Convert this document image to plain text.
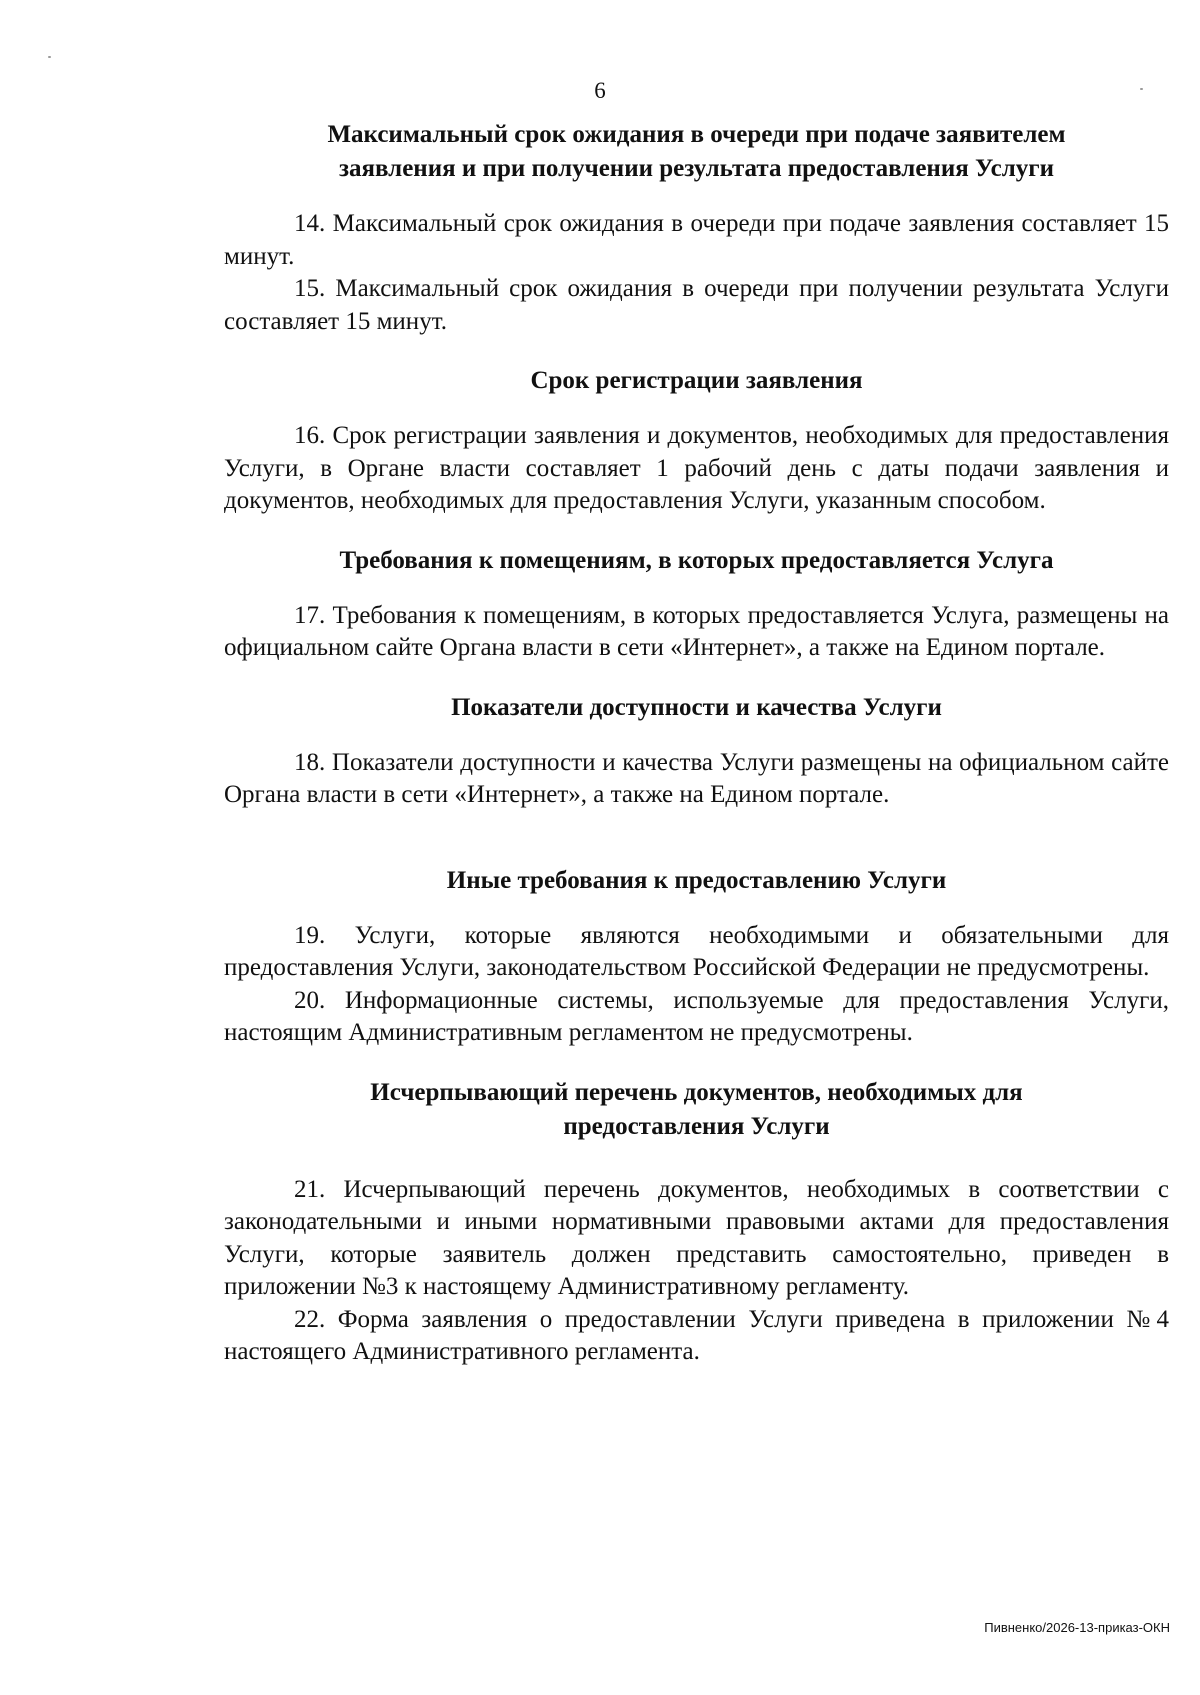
6
Максимальный срок ожидания в очереди при подаче заявителем
заявления и при получении результата предоставления Услуги

14. Максимальный срок ожидания в очереди при подаче заявления составляет 15 минут.

15. Максимальный срок ожидания в очереди при получении результата Услуги составляет 15 минут.

Срок регистрации заявления

16. Срок регистрации заявления и документов, необходимых для предоставления Услуги, в Органе власти составляет 1 рабочий день с даты подачи заявления и документов, необходимых для предоставления Услуги, указанным способом.

Требования к помещениям, в которых предоставляется Услуга

17. Требования к помещениям, в которых предоставляется Услуга, размещены на официальном сайте Органа власти в сети «Интернет», а также на Едином портале.

Показатели доступности и качества Услуги

18. Показатели доступности и качества Услуги размещены на официальном сайте Органа власти в сети «Интернет», а также на Едином портале.

Иные требования к предоставлению Услуги

19. Услуги, которые являются необходимыми и обязательными для предоставления Услуги, законодательством Российской Федерации не предусмотрены.

20. Информационные системы, используемые для предоставления Услуги, настоящим Административным регламентом не предусмотрены.

Исчерпывающий перечень документов, необходимых для
предоставления Услуги

21. Исчерпывающий перечень документов, необходимых в соответствии с законодательными и иными нормативными правовыми актами для предоставления Услуги, которые заявитель должен представить самостоятельно, приведен в приложении №3 к настоящему Административному регламенту.

22. Форма заявления о предоставлении Услуги приведена в приложении №4 настоящего Административного регламента.

Пивненко/2026-13-приказ-ОКН
